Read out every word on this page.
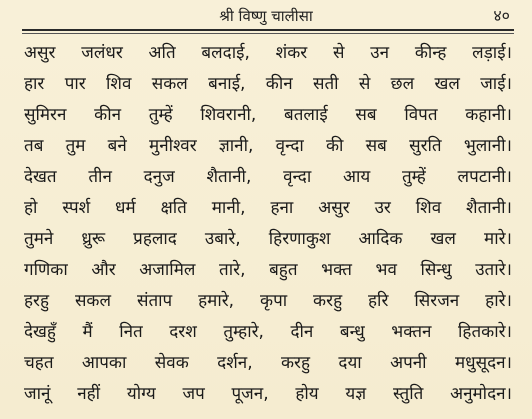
श्री विष्णु चालीसा	४०
असुर जलंधर अति बलदाई, शंकर से उन कीन्ह लड़ाई।
हार पार शिव सकल बनाई, कीन सती से छल खल जाई।
सुमिरन कीन तुम्हें शिवरानी, बतलाई सब विपत कहानी।
तब तुम बने मुनीश्वर ज्ञानी, वृन्दा की सब सुरति भुलानी।
देखत तीन दनुज शैतानी, वृन्दा आय तुम्हें लपटानी।
हो स्पर्श धर्म क्षति मानी, हना असुर उर शिव शैतानी।
तुमने ध्रुरू प्रहलाद उबारे, हिरणाकुश आदिक खल मारे।
गणिका और अजामिल तारे, बहुत भक्त भव सिन्धु उतारे।
हरहु सकल संताप हमारे, कृपा करहु हरि सिरजन हारे।
देखहुँ मैं नित दरश तुम्हारे, दीन बन्धु भक्तन हितकारे।
चहत आपका सेवक दर्शन, करहु दया अपनी मधुसूदन।
जानूं नहीं योग्य जप पूजन, होय यज्ञ स्तुति अनुमोदन।
